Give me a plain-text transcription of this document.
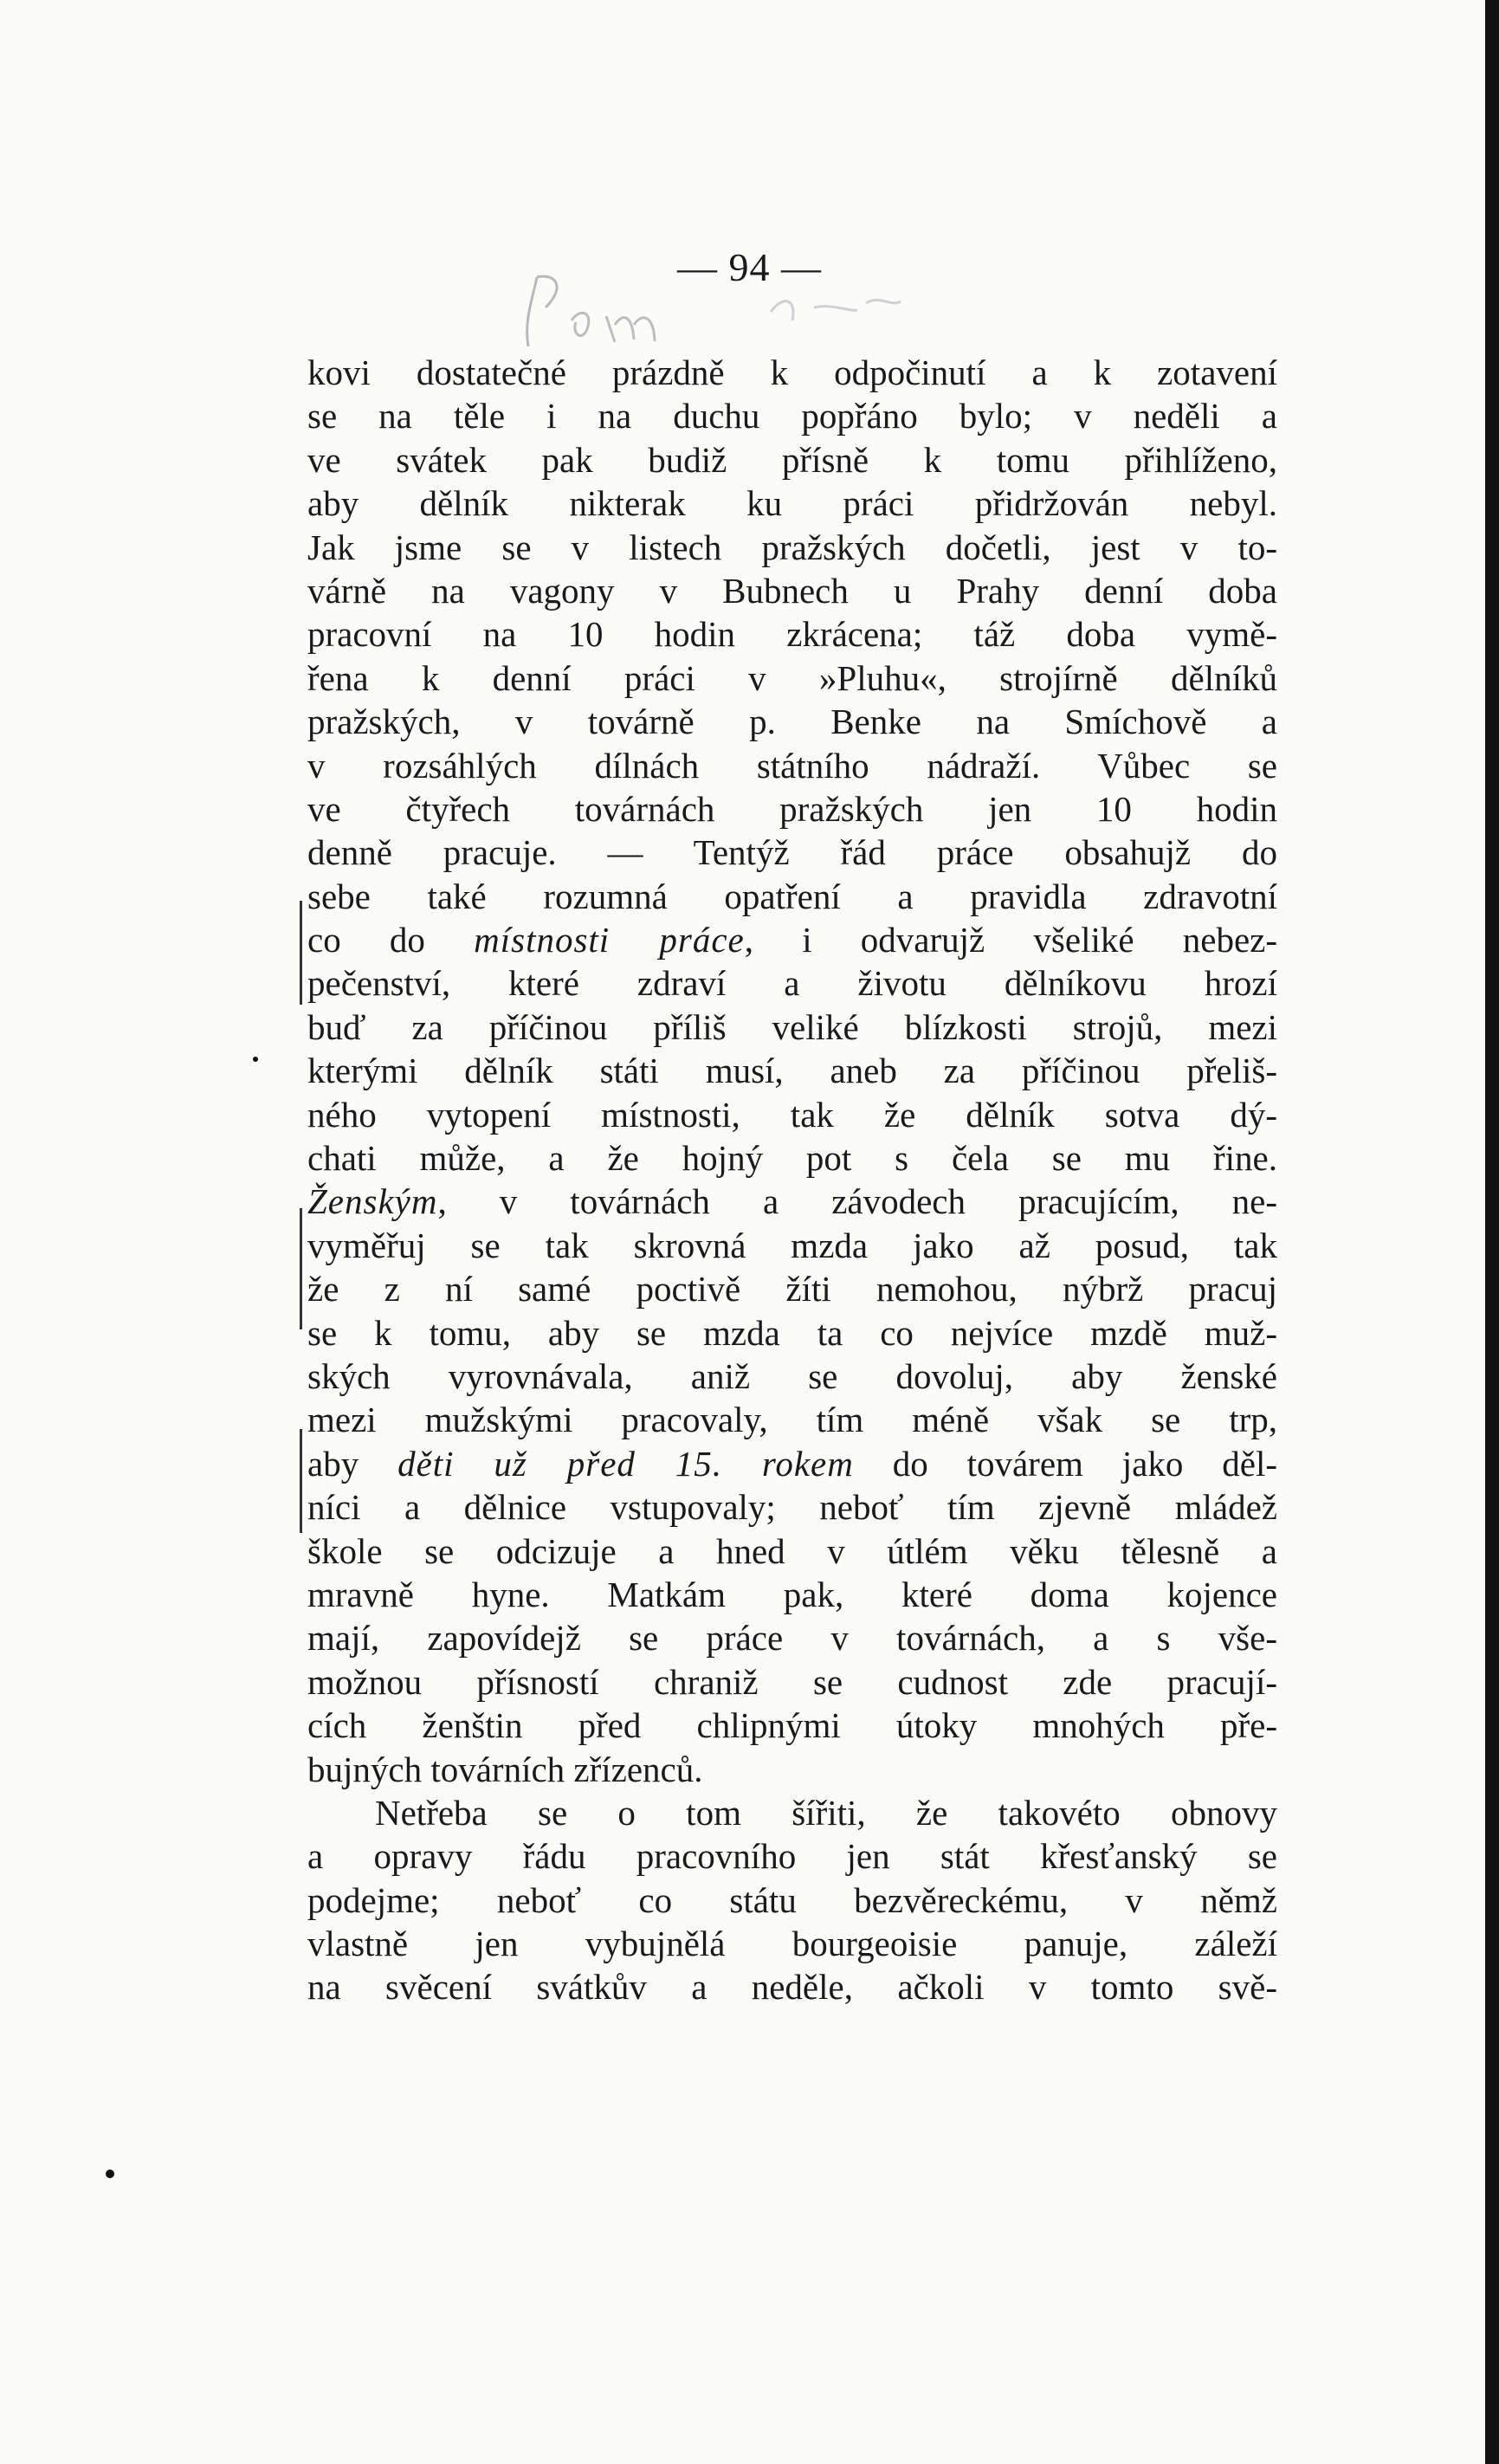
— 94 —
kovi dostatečné prázdně k odpočinutí a k zotavení
se na těle i na duchu popřáno bylo; v neděli a
ve svátek pak budiž přísně k tomu přihlíženo,
aby dělník nikterak ku práci přidržován nebyl.
Jak jsme se v listech pražských dočetli, jest v to-
várně na vagony v Bubnech u Prahy denní doba
pracovní na 10 hodin zkrácena; táž doba vymě-
řena k denní práci v »Pluhu«, strojírně dělníků
pražských, v továrně p. Benke na Smíchově a
v rozsáhlých dílnách státního nádraží. Vůbec se
ve čtyřech továrnách pražských jen 10 hodin
denně pracuje. — Tentýž řád práce obsahujž do
sebe také rozumná opatření a pravidla zdravotní
co do místnosti práce, i odvarujž všeliké nebez-
pečenství, které zdraví a životu dělníkovu hrozí
buď za příčinou příliš veliké blízkosti strojů, mezi
kterými dělník státi musí, aneb za příčinou přeliš-
ného vytopení místnosti, tak že dělník sotva dý-
chati může, a že hojný pot s čela se mu řine.
Ženským, v továrnách a závodech pracujícím, ne-
vyměřuj se tak skrovná mzda jako až posud, tak
že z ní samé poctivě žíti nemohou, nýbrž pracuj
se k tomu, aby se mzda ta co nejvíce mzdě muž-
ských vyrovnávala, aniž se dovoluj, aby ženské
mezi mužskými pracovaly, tím méně však se trp,
aby děti už před 15. rokem do továrem jako děl-
níci a dělnice vstupovaly; neboť tím zjevně mládež
škole se odcizuje a hned v útlém věku tělesně a
mravně hyne. Matkám pak, které doma kojence
mají, zapovídejž se práce v továrnách, a s vše-
možnou přísností chraniž se cudnost zde pracují-
cích ženštin před chlipnými útoky mnohých pře-
bujných továrních zřízenců.
Netřeba se o tom šířiti, že takovéto obnovy
a opravy řádu pracovního jen stát křesťanský se
podejme; neboť co státu bezvěreckému, v němž
vlastně jen vybujnělá bourgeoisie panuje, záleží
na svěcení svátkův a neděle, ačkoli v tomto svě-
